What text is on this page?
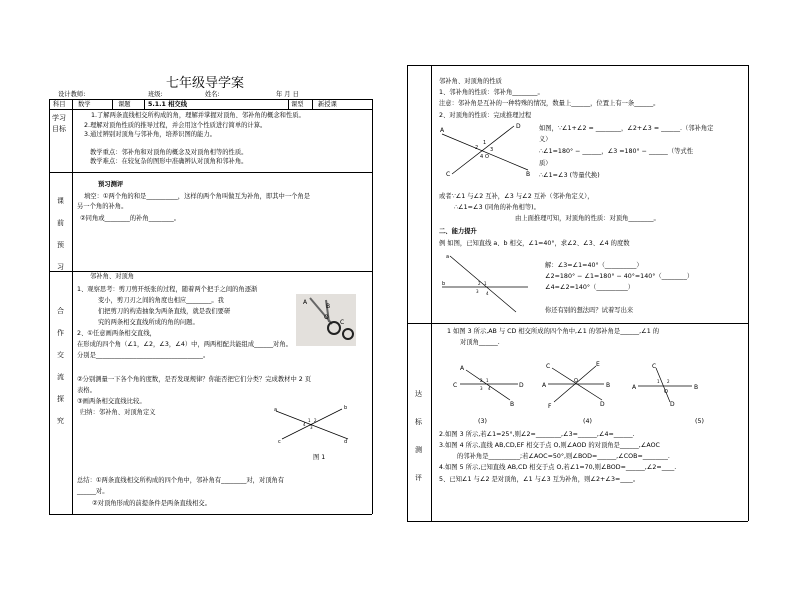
七年级导学案
设计教师:	班级:	姓名:	年 月 日
科目 数学	课题	5.1.1 相交线	课型 新授课
学习目标
1.了解两条直线相交所构成的角，理解并掌握对顶角、邻补角的概念和性质。
2.理解对顶角性质的推导过程，并会用这个性质进行简单的计算。
3.通过辨别对顶角与邻补角，培养识图的能力。
教学重点：邻补角和对顶角的概念及对顶角相等的性质。
教学难点：在较复杂的图形中准确辨认对顶角和邻补角。
课前预习
预习测评
填空：①两个角的和是__________，这样的两个角叫做互为补角，即其中一个角是
另一个角的补角。
②同角或________的补角________。
合作交流探究
邻补角、对顶角
1、观察思考：剪刀剪开纸张的过程，随着两个把手之间的角逐渐
变小，剪刀刃之间的角度也相应________。我
们把剪刀的构造抽象为两条直线，就是我们要研
究的两条相交直线所成的角的问题。
2、①任意画两条相交直线，
在形成的四个角（∠1，∠2，∠3，∠4）中，两两相配共能组成______对角。
分别是__________________________________。
②分别测量一下各个角的度数，是否发现规律？你能否把它们分类？完成教材中 2 页
表格。
③画两条相交直线比较。
归纳：邻补角、对顶角定义
图 1
总结：①两条直线相交所构成的四个角中，邻补角有________对，对顶角有
______对。
②对顶角形成的前提条件是两条直线相交。
A
B
C
O
a	b
c	d
1 2
3
4
邻补角、对顶角的性质
1、邻补角的性质：邻补角________。
注意：邻补角是互补的一种特殊的情况，数量上______，位置上有一条______。
2、对顶角的性质：完成推理过程
如图，∵∠1+∠2 = ________，∠2+∠3 = ______.（邻补角定
义）
∴∠1=180° − ______，∠3 =180° − ______（等式性
质）
∴∠1=∠3 (等量代换)
或者∵∠1 与∠2 互补，∠3 与∠2 互补（邻补角定义），
∴∠1=∠3 (同角的补角相等)。
由上面推理可知，对顶角的性质：对顶角________。
A
B
C
D
O
1
2 3
4
二、能力提升
例 如图，已知直线 a、b 相交，∠1=40°，求∠2、∠3、∠4 的度数
解：∠3=∠1=40°（__________）
∠2=180° − ∠1=180° − 40°=140°（________）
∠4=∠2=140°（__________）
你还有别的想法吗？试着写出来
a
b	1
2
3 4
达标测评
1 如图 3 所示,AB 与 CD 相交所成的四个角中,∠1 的邻补角是______,∠1 的
对顶角______.
(3)	(4)	(5)
2.如图 3 所示,若∠1=25°,则∠2=________,∠3=______,∠4=______.
3.如图 4 所示,直线 AB,CD,EF 相交于点 O,则∠AOD 的对顶角是______,∠AOC
的邻补角是__________;若∠AOC=50°,则∠BOD=______,∠COB=________.
4.如图 5 所示,已知直线 AB,CD 相交于点 O,若∠1=70,则∠BOD=______,∠2=____.
5、已知∠1 与∠2 是对顶角，∠1 与∠3 互为补角，则∠2+∠3=____。
A
B
C	D
1
2
3 4	A	B
C
D
E
F
O
A	B
C
D
O
1 2
